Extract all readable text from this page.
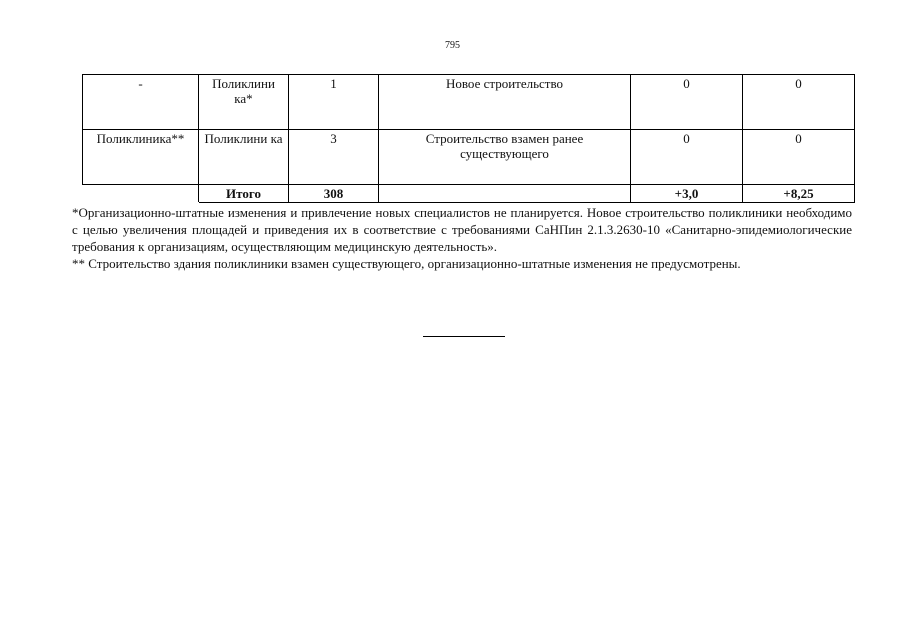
795
-	Поликлини ка*	1	Новое строительство	0	0
Поликлиника**	Поликлини ка	3	Строительство взамен ранее существующего	0	0
	Итого	308		+3,0	+8,25

*Организационно-штатные изменения и привлечение новых специалистов не планируется. Новое строительство поликлиники необходимо с целью увеличения площадей и приведения их в соответствие с требованиями СаНПин 2.1.3.2630-10 «Санитарно-эпидемиологические требования к организациям, осуществляющим медицинскую деятельность».

** Строительство здания поликлиники взамен существующего, организационно-штатные изменения не предусмотрены.
